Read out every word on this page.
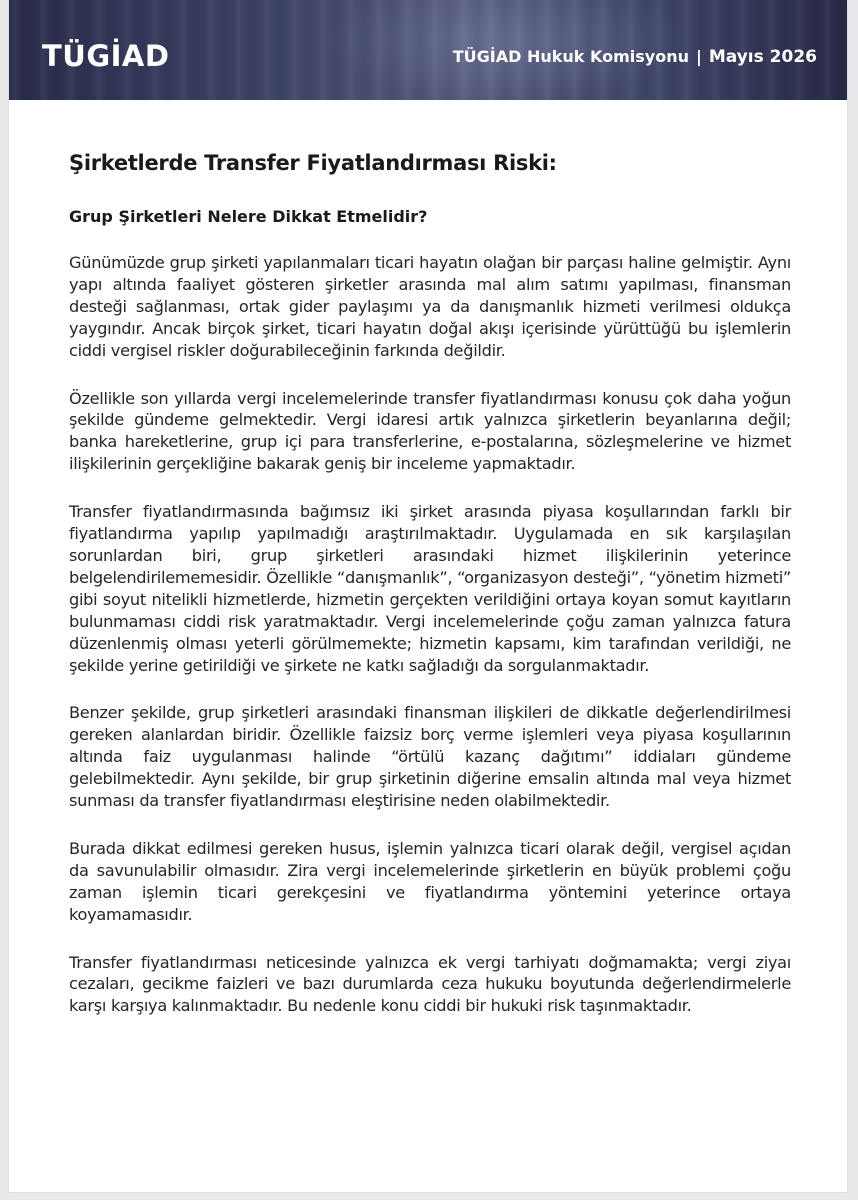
TÜGİAD	TÜGİAD Hukuk Komisyonu | Mayıs 2026
Şirketlerde Transfer Fiyatlandırması Riski:
Grup Şirketleri Nelere Dikkat Etmelidir?

Günümüzde grup şirketi yapılanmaları ticari hayatın olağan bir parçası haline gelmiştir. Aynı yapı altında faaliyet gösteren şirketler arasında mal alım satımı yapılması, finansman desteği sağlanması, ortak gider paylaşımı ya da danışmanlık hizmeti verilmesi oldukça yaygındır. Ancak birçok şirket, ticari hayatın doğal akışı içerisinde yürüttüğü bu işlemlerin ciddi vergisel riskler doğurabileceğinin farkında değildir.

Özellikle son yıllarda vergi incelemelerinde transfer fiyatlandırması konusu çok daha yoğun şekilde gündeme gelmektedir. Vergi idaresi artık yalnızca şirketlerin beyanlarına değil; banka hareketlerine, grup içi para transferlerine, e-postalarına, sözleşmelerine ve hizmet ilişkilerinin gerçekliğine bakarak geniş bir inceleme yapmaktadır.

Transfer fiyatlandırmasında bağımsız iki şirket arasında piyasa koşullarından farklı bir fiyatlandırma yapılıp yapılmadığı araştırılmaktadır. Uygulamada en sık karşılaşılan sorunlardan biri, grup şirketleri arasındaki hizmet ilişkilerinin yeterince belgelendirilememesidir. Özellikle “danışmanlık”, “organizasyon desteği”, “yönetim hizmeti” gibi soyut nitelikli hizmetlerde, hizmetin gerçekten verildiğini ortaya koyan somut kayıtların bulunmaması ciddi risk yaratmaktadır. Vergi incelemelerinde çoğu zaman yalnızca fatura düzenlenmiş olması yeterli görülmemekte; hizmetin kapsamı, kim tarafından verildiği, ne şekilde yerine getirildiği ve şirkete ne katkı sağladığı da sorgulanmaktadır.

Benzer şekilde, grup şirketleri arasındaki finansman ilişkileri de dikkatle değerlendirilmesi gereken alanlardan biridir. Özellikle faizsiz borç verme işlemleri veya piyasa koşullarının altında faiz uygulanması halinde “örtülü kazanç dağıtımı” iddiaları gündeme gelebilmektedir. Aynı şekilde, bir grup şirketinin diğerine emsalin altında mal veya hizmet sunması da transfer fiyatlandırması eleştirisine neden olabilmektedir.

Burada dikkat edilmesi gereken husus, işlemin yalnızca ticari olarak değil, vergisel açıdan da savunulabilir olmasıdır. Zira vergi incelemelerinde şirketlerin en büyük problemi çoğu zaman işlemin ticari gerekçesini ve fiyatlandırma yöntemini yeterince ortaya koyamamasıdır.

Transfer fiyatlandırması neticesinde yalnızca ek vergi tarhiyatı doğmamakta; vergi ziyaı cezaları, gecikme faizleri ve bazı durumlarda ceza hukuku boyutunda değerlendirmelerle karşı karşıya kalınmaktadır. Bu nedenle konu ciddi bir hukuki risk taşınmaktadır.
